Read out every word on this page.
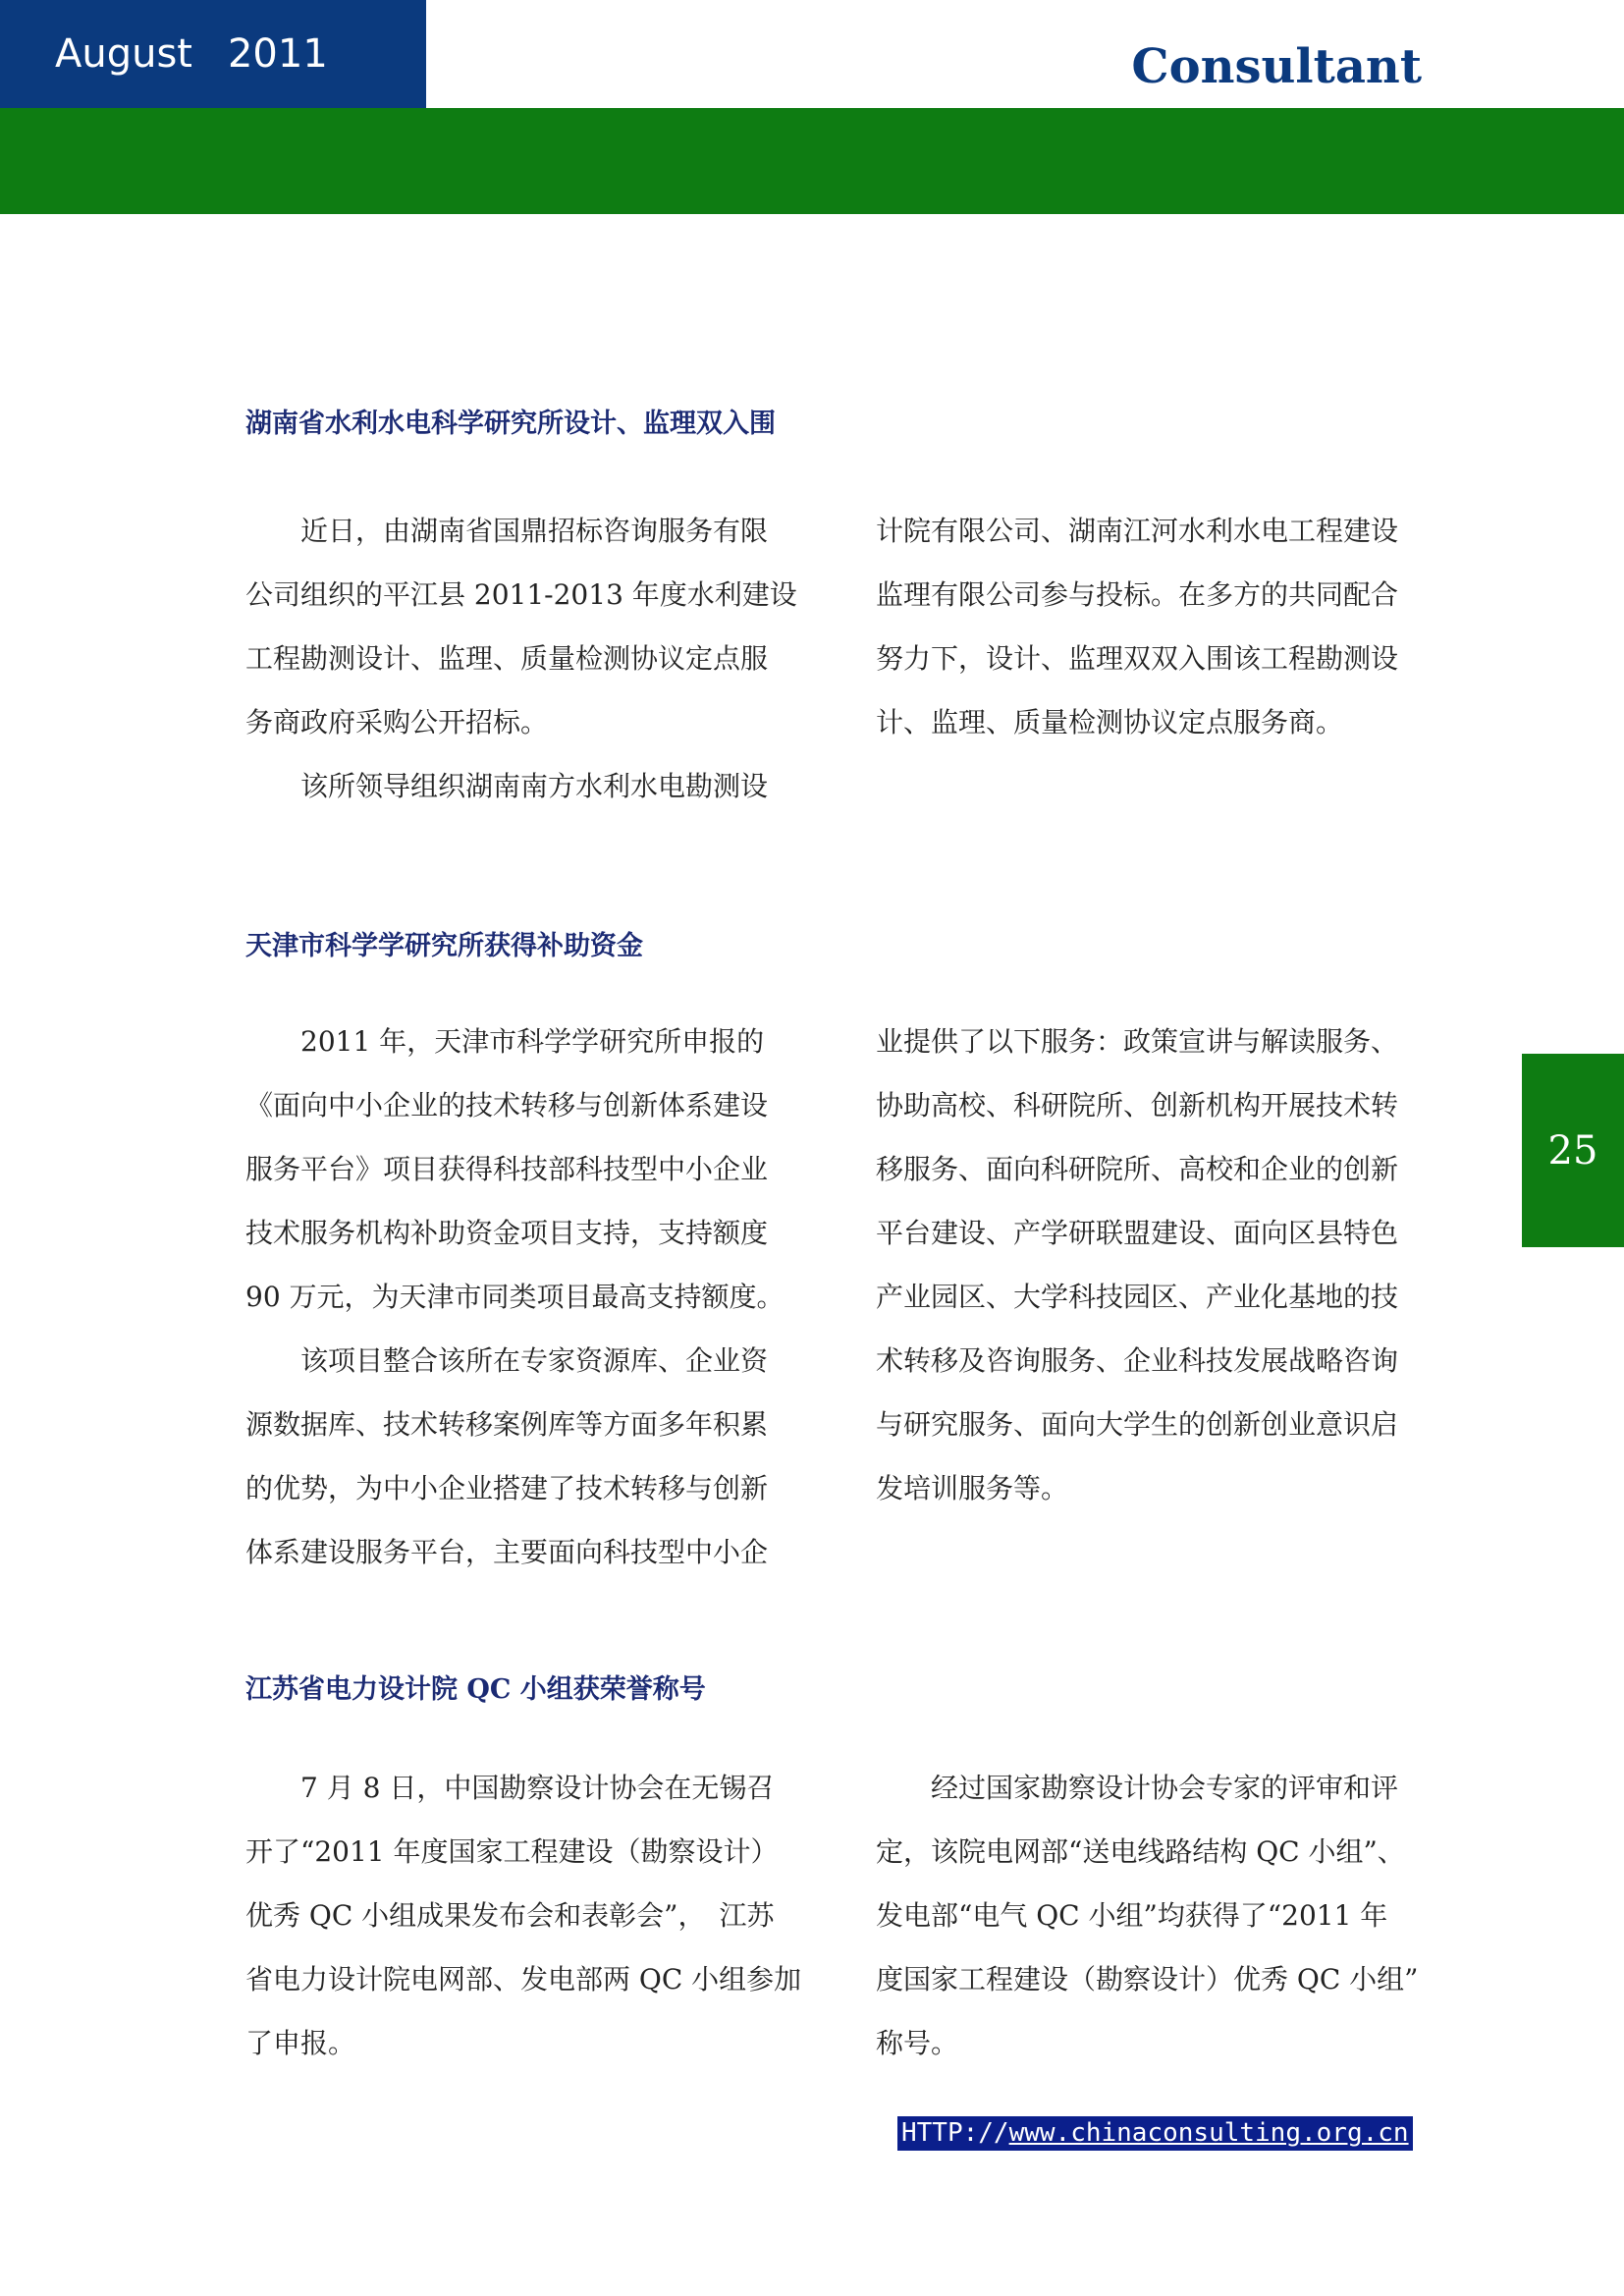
August 2011	Consultant
25
湖南省水利水电科学研究所设计、监理双入围

　　近日，由湖南省国鼎招标咨询服务有限

公司组织的平江县 2011-2013 年度水利建设

工程勘测设计、监理、质量检测协议定点服

务商政府采购公开招标。

　　该所领导组织湖南南方水利水电勘测设

计院有限公司、湖南江河水利水电工程建设

监理有限公司参与投标。在多方的共同配合

努力下，设计、监理双双入围该工程勘测设

计、监理、质量检测协议定点服务商。

天津市科学学研究所获得补助资金

　　2011 年，天津市科学学研究所申报的

《面向中小企业的技术转移与创新体系建设

服务平台》项目获得科技部科技型中小企业

技术服务机构补助资金项目支持，支持额度

90 万元，为天津市同类项目最高支持额度。

　　该项目整合该所在专家资源库、企业资

源数据库、技术转移案例库等方面多年积累

的优势，为中小企业搭建了技术转移与创新

体系建设服务平台，主要面向科技型中小企

业提供了以下服务：政策宣讲与解读服务、

协助高校、科研院所、创新机构开展技术转

移服务、面向科研院所、高校和企业的创新

平台建设、产学研联盟建设、面向区县特色

产业园区、大学科技园区、产业化基地的技

术转移及咨询服务、企业科技发展战略咨询

与研究服务、面向大学生的创新创业意识启

发培训服务等。

江苏省电力设计院 QC 小组获荣誉称号

　　7 月 8 日，中国勘察设计协会在无锡召

开了“2011 年度国家工程建设（勘察设计）

优秀 QC 小组成果发布会和表彰会”，　江苏

省电力设计院电网部、发电部两 QC 小组参加

了申报。

　　经过国家勘察设计协会专家的评审和评

定，该院电网部“送电线路结构 QC 小组”、

发电部“电气 QC 小组”均获得了“2011 年

度国家工程建设（勘察设计）优秀 QC 小组”

称号。

HTTP://www.chinaconsulting.org.cn
